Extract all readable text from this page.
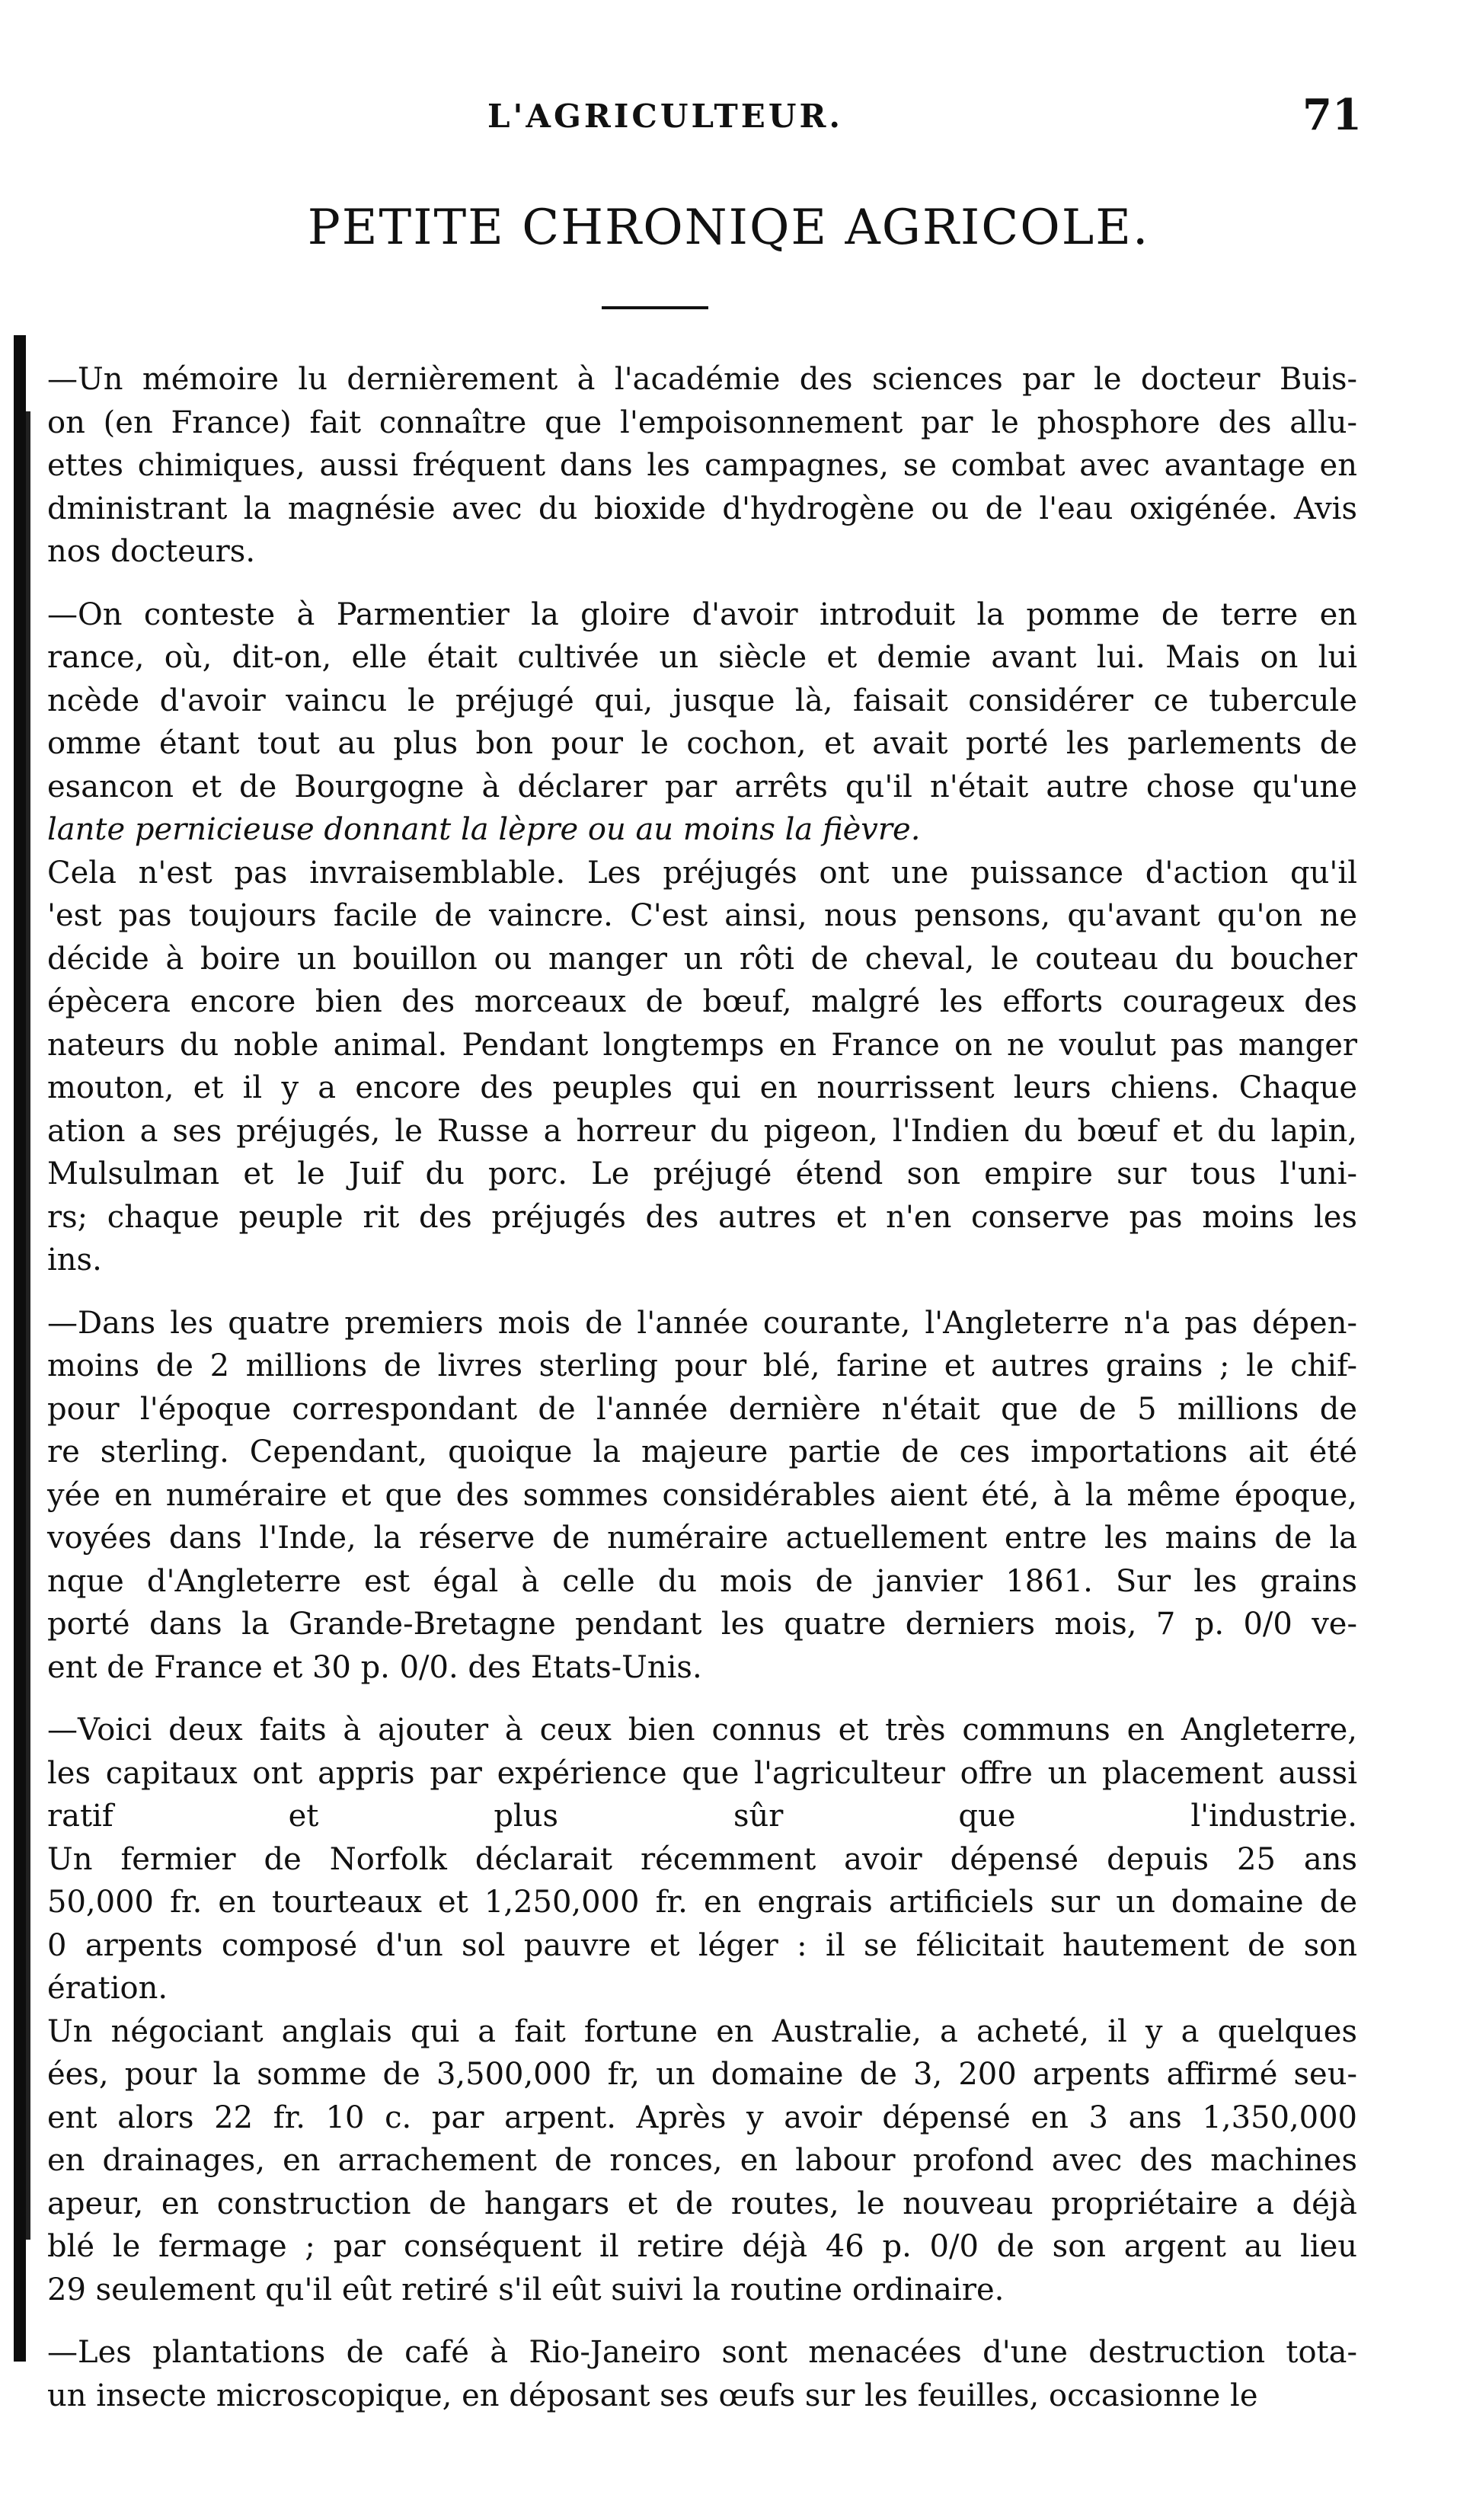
L'AGRICULTEUR.	71
PETITE CHRONIQE AGRICOLE.

—Un mémoire lu dernièrement à l'académie des sciences par le docteur Buis-
on (en France) fait connaître que l'empoisonnement par le phosphore des allu-
ettes chimiques, aussi fréquent dans les campagnes, se combat avec avantage en
dministrant la magnésie avec du bioxide d'hydrogène ou de l'eau oxigénée. Avis
nos docteurs.

—On conteste à Parmentier la gloire d'avoir introduit la pomme de terre en
rance, où, dit-on, elle était cultivée un siècle et demie avant lui. Mais on lui
ncède d'avoir vaincu le préjugé qui, jusque là, faisait considérer ce tubercule
omme étant tout au plus bon pour le cochon, et avait porté les parlements de
esancon et de Bourgogne à déclarer par arrêts qu'il n'était autre chose qu'une
lante pernicieuse donnant la lèpre ou au moins la fièvre.
Cela n'est pas invraisemblable. Les préjugés ont une puissance d'action qu'il
'est pas toujours facile de vaincre. C'est ainsi, nous pensons, qu'avant qu'on ne
décide à boire un bouillon ou manger un rôti de cheval, le couteau du boucher
épècera encore bien des morceaux de bœuf, malgré les efforts courageux des
nateurs du noble animal. Pendant longtemps en France on ne voulut pas manger
mouton, et il y a encore des peuples qui en nourrissent leurs chiens. Chaque
ation a ses préjugés, le Russe a horreur du pigeon, l'Indien du bœuf et du lapin,
Mulsulman et le Juif du porc. Le préjugé étend son empire sur tous l'uni-
rs; chaque peuple rit des préjugés des autres et n'en conserve pas moins les
ins.

—Dans les quatre premiers mois de l'année courante, l'Angleterre n'a pas dépen-
moins de 2 millions de livres sterling pour blé, farine et autres grains ; le chif-
pour l'époque correspondant de l'année dernière n'était que de 5 millions de
re sterling. Cependant, quoique la majeure partie de ces importations ait été
yée en numéraire et que des sommes considérables aient été, à la même époque,
voyées dans l'Inde, la réserve de numéraire actuellement entre les mains de la
nque d'Angleterre est égal à celle du mois de janvier 1861. Sur les grains
porté dans la Grande-Bretagne pendant les quatre derniers mois, 7 p. 0/0 ve-
ent de France et 30 p. 0/0. des Etats-Unis.

—Voici deux faits à ajouter à ceux bien connus et très communs en Angleterre,
les capitaux ont appris par expérience que l'agriculteur offre un placement aussi
ratif et plus sûr que l'industrie.
Un fermier de Norfolk déclarait récemment avoir dépensé depuis 25 ans
50,000 fr. en tourteaux et 1,250,000 fr. en engrais artificiels sur un domaine de
0 arpents composé d'un sol pauvre et léger : il se félicitait hautement de son
ération.
Un négociant anglais qui a fait fortune en Australie, a acheté, il y a quelques
ées, pour la somme de 3,500,000 fr, un domaine de 3, 200 arpents affirmé seu-
ent alors 22 fr. 10 c. par arpent. Après y avoir dépensé en 3 ans 1,350,000
en drainages, en arrachement de ronces, en labour profond avec des machines
apeur, en construction de hangars et de routes, le nouveau propriétaire a déjà
blé le fermage ; par conséquent il retire déjà 46 p. 0/0 de son argent au lieu
29 seulement qu'il eût retiré s'il eût suivi la routine ordinaire.

—Les plantations de café à Rio-Janeiro sont menacées d'une destruction tota-
un insecte microscopique, en déposant ses œufs sur les feuilles, occasionne le
